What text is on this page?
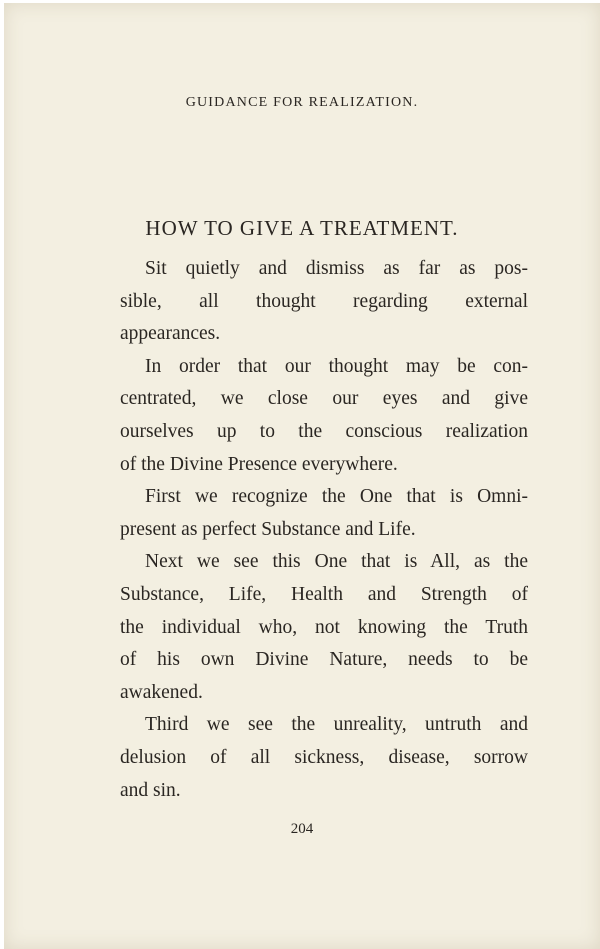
GUIDANCE FOR REALIZATION.
HOW TO GIVE A TREATMENT.
Sit quietly and dismiss as far as pos-
sible, all thought regarding external
appearances.
In order that our thought may be con-
centrated, we close our eyes and give
ourselves up to the conscious realization
of the Divine Presence everywhere.
First we recognize the One that is Omni-
present as perfect Substance and Life.
Next we see this One that is All, as the
Substance, Life, Health and Strength of
the individual who, not knowing the Truth
of his own Divine Nature, needs to be
awakened.
Third we see the unreality, untruth and
delusion of all sickness, disease, sorrow
and sin.
204
